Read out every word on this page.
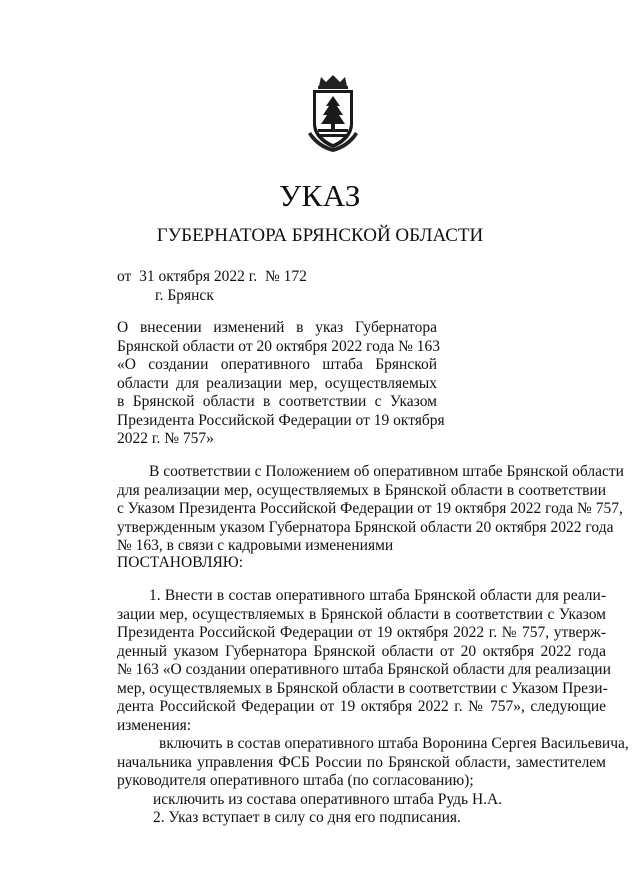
УКАЗ
ГУБЕРНАТОРА БРЯНСКОЙ ОБЛАСТИ
от 31 октября 2022 г. № 172
г. Брянск
О внесении изменений в указ Губернатора
Брянской области от 20 октября 2022 года № 163
«О создании оперативного штаба Брянской
области для реализации мер, осуществляемых
в Брянской области в соответствии с Указом
Президента Российской Федерации от 19 октября
2022 г. № 757»
В соответствии с Положением об оперативном штабе Брянской области
для реализации мер, осуществляемых в Брянской области в соответствии
с Указом Президента Российской Федерации от 19 октября 2022 года № 757,
утвержденным указом Губернатора Брянской области 20 октября 2022 года
№ 163, в связи с кадровыми изменениями
ПОСТАНОВЛЯЮ:
1. Внести в состав оперативного штаба Брянской области для реали-
зации мер, осуществляемых в Брянской области в соответствии с Указом
Президента Российской Федерации от 19 октября 2022 г. № 757, утверж-
денный указом Губернатора Брянской области от 20 октября 2022 года
№ 163 «О создании оперативного штаба Брянской области для реализации
мер, осуществляемых в Брянской области в соответствии с Указом Прези-
дента Российской Федерации от 19 октября 2022 г. № 757», следующие
изменения:
включить в состав оперативного штаба Воронина Сергея Васильевича,
начальника управления ФСБ России по Брянской области, заместителем
руководителя оперативного штаба (по согласованию);
исключить из состава оперативного штаба Рудь Н.А.
2. Указ вступает в силу со дня его подписания.
